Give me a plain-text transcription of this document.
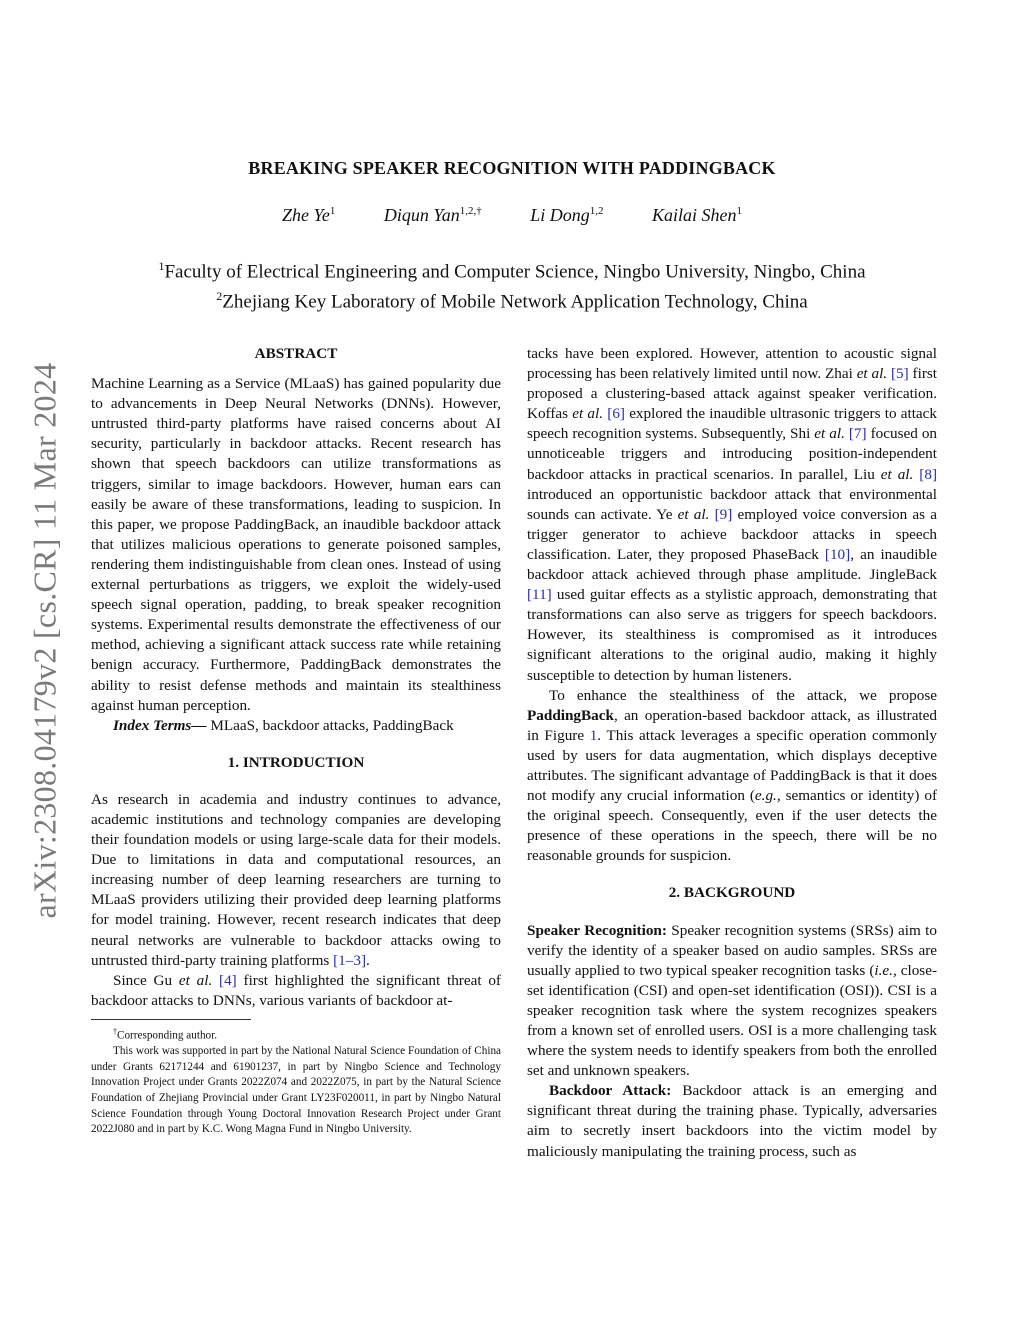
arXiv:2308.04179v2 [cs.CR] 11 Mar 2024
BREAKING SPEAKER RECOGNITION WITH PADDINGBACK
Zhe Ye$^1$	Diqun Yan$^{1,2,\dagger}$	Li Dong$^{1,2}$	Kailai Shen$^1$
$^1$Faculty of Electrical Engineering and Computer Science, Ningbo University, Ningbo, China
$^2$Zhejiang Key Laboratory of Mobile Network Application Technology, China

ABSTRACT

Machine Learning as a Service (MLaaS) has gained popularity due to advancements in Deep Neural Networks (DNNs). However, untrusted third-party platforms have raised concerns about AI security, particularly in backdoor attacks. Recent research has shown that speech backdoors can utilize transformations as triggers, similar to image backdoors. However, human ears can easily be aware of these transformations, leading to suspicion. In this paper, we propose PaddingBack, an inaudible backdoor attack that utilizes malicious operations to generate poisoned samples, rendering them indistinguishable from clean ones. Instead of using external perturbations as triggers, we exploit the widely-used speech signal operation, padding, to break speaker recognition systems. Experimental results demonstrate the effectiveness of our method, achieving a significant attack success rate while retaining benign accuracy. Furthermore, PaddingBack demonstrates the ability to resist defense methods and maintain its stealthiness against human perception.

Index Terms— MLaaS, backdoor attacks, PaddingBack

1. INTRODUCTION

As research in academia and industry continues to advance, academic institutions and technology companies are developing their foundation models or using large-scale data for their models. Due to limitations in data and computational resources, an increasing number of deep learning researchers are turning to MLaaS providers utilizing their provided deep learning platforms for model training. However, recent research indicates that deep neural networks are vulnerable to backdoor attacks owing to untrusted third-party training platforms [1–3].

Since Gu et al. [4] first highlighted the significant threat of backdoor attacks to DNNs, various variants of backdoor at-

†Corresponding author.

This work was supported in part by the National Natural Science Foundation of China under Grants 62171244 and 61901237, in part by Ningbo Science and Technology Innovation Project under Grants 2022Z074 and 2022Z075, in part by the Natural Science Foundation of Zhejiang Provincial under Grant LY23F020011, in part by Ningbo Natural Science Foundation through Young Doctoral Innovation Research Project under Grant 2022J080 and in part by K.C. Wong Magna Fund in Ningbo University.

tacks have been explored. However, attention to acoustic signal processing has been relatively limited until now. Zhai et al. [5] first proposed a clustering-based attack against speaker verification. Koffas et al. [6] explored the inaudible ultrasonic triggers to attack speech recognition systems. Subsequently, Shi et al. [7] focused on unnoticeable triggers and introducing position-independent backdoor attacks in practical scenarios. In parallel, Liu et al. [8] introduced an opportunistic backdoor attack that environmental sounds can activate. Ye et al. [9] employed voice conversion as a trigger generator to achieve backdoor attacks in speech classification. Later, they proposed PhaseBack [10], an inaudible backdoor attack achieved through phase amplitude. JingleBack [11] used guitar effects as a stylistic approach, demonstrating that transformations can also serve as triggers for speech backdoors. However, its stealthiness is compromised as it introduces significant alterations to the original audio, making it highly susceptible to detection by human listeners.

To enhance the stealthiness of the attack, we propose PaddingBack, an operation-based backdoor attack, as illustrated in Figure 1. This attack leverages a specific operation commonly used by users for data augmentation, which displays deceptive attributes. The significant advantage of PaddingBack is that it does not modify any crucial information (e.g., semantics or identity) of the original speech. Consequently, even if the user detects the presence of these operations in the speech, there will be no reasonable grounds for suspicion.

2. BACKGROUND

Speaker Recognition: Speaker recognition systems (SRSs) aim to verify the identity of a speaker based on audio samples. SRSs are usually applied to two typical speaker recognition tasks (i.e., close-set identification (CSI) and open-set identification (OSI)). CSI is a speaker recognition task where the system recognizes speakers from a known set of enrolled users. OSI is a more challenging task where the system needs to identify speakers from both the enrolled set and unknown speakers.

Backdoor Attack: Backdoor attack is an emerging and significant threat during the training phase. Typically, adversaries aim to secretly insert backdoors into the victim model by maliciously manipulating the training process, such as
